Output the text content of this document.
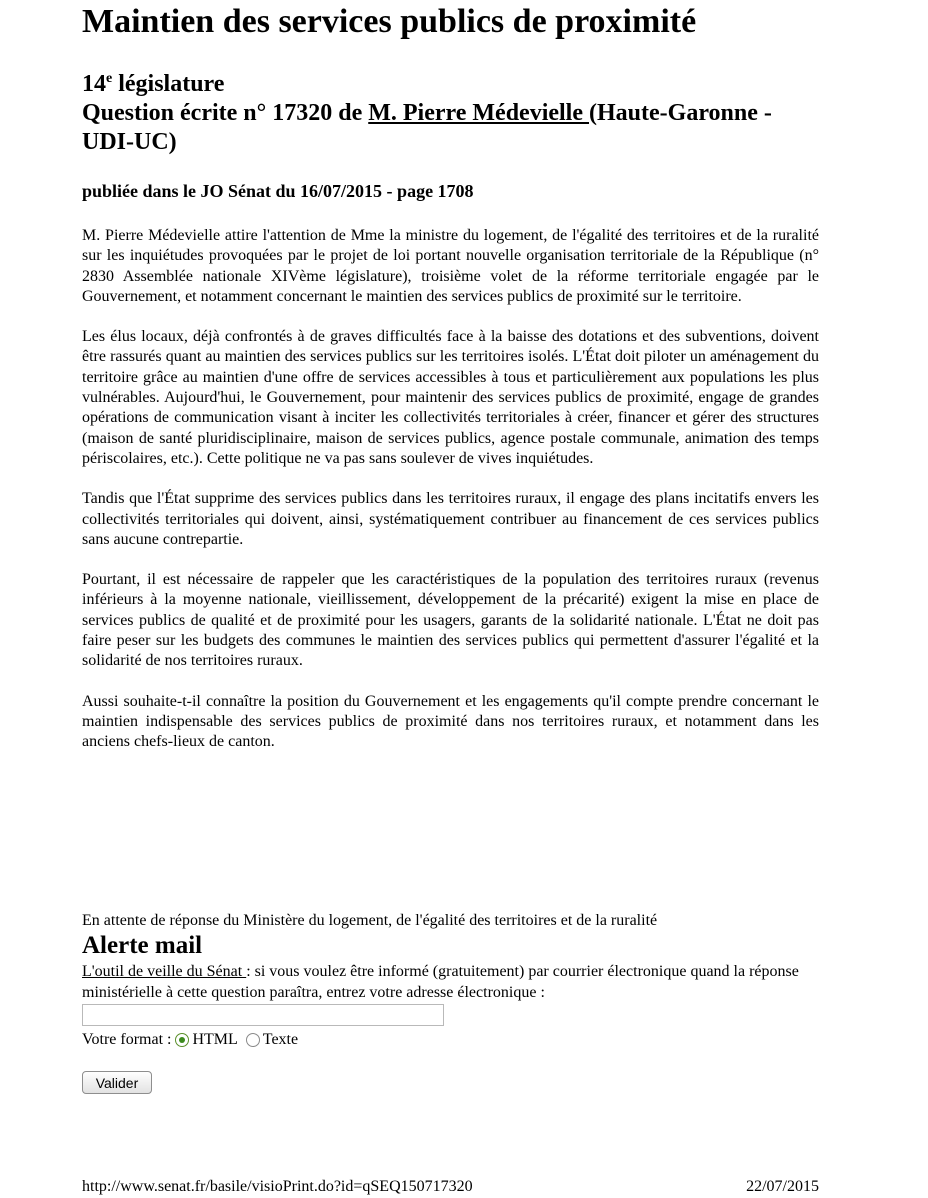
Maintien des services publics de proximité
14e législature
Question écrite n° 17320 de M. Pierre Médevielle (Haute-Garonne - UDI-UC)
publiée dans le JO Sénat du 16/07/2015 - page 1708

M. Pierre Médevielle attire l'attention de Mme la ministre du logement, de l'égalité des territoires et de la ruralité sur les inquiétudes provoquées par le projet de loi portant nouvelle organisation territoriale de la République (n° 2830 Assemblée nationale XIVème législature), troisième volet de la réforme territoriale engagée par le Gouvernement, et notamment concernant le maintien des services publics de proximité sur le territoire.

Les élus locaux, déjà confrontés à de graves difficultés face à la baisse des dotations et des subventions, doivent être rassurés quant au maintien des services publics sur les territoires isolés. L'État doit piloter un aménagement du territoire grâce au maintien d'une offre de services accessibles à tous et particulièrement aux populations les plus vulnérables. Aujourd'hui, le Gouvernement, pour maintenir des services publics de proximité, engage de grandes opérations de communication visant à inciter les collectivités territoriales à créer, financer et gérer des structures (maison de santé pluridisciplinaire, maison de services publics, agence postale communale, animation des temps périscolaires, etc.). Cette politique ne va pas sans soulever de vives inquiétudes.

Tandis que l'État supprime des services publics dans les territoires ruraux, il engage des plans incitatifs envers les collectivités territoriales qui doivent, ainsi, systématiquement contribuer au financement de ces services publics sans aucune contrepartie.

Pourtant, il est nécessaire de rappeler que les caractéristiques de la population des territoires ruraux (revenus inférieurs à la moyenne nationale, vieillissement, développement de la précarité) exigent la mise en place de services publics de qualité et de proximité pour les usagers, garants de la solidarité nationale. L'État ne doit pas faire peser sur les budgets des communes le maintien des services publics qui permettent d'assurer l'égalité et la solidarité de nos territoires ruraux.

Aussi souhaite-t-il connaître la position du Gouvernement et les engagements qu'il compte prendre concernant le maintien indispensable des services publics de proximité dans nos territoires ruraux, et notamment dans les anciens chefs-lieux de canton.

En attente de réponse du Ministère du logement, de l'égalité des territoires et de la ruralité
Alerte mail
L'outil de veille du Sénat : si vous voulez être informé (gratuitement) par courrier électronique quand la réponse ministérielle à cette question paraîtra, entrez votre adresse électronique :
Votre format : HTML Texte
Valider
http://www.senat.fr/basile/visioPrint.do?id=qSEQ150717320	22/07/2015
